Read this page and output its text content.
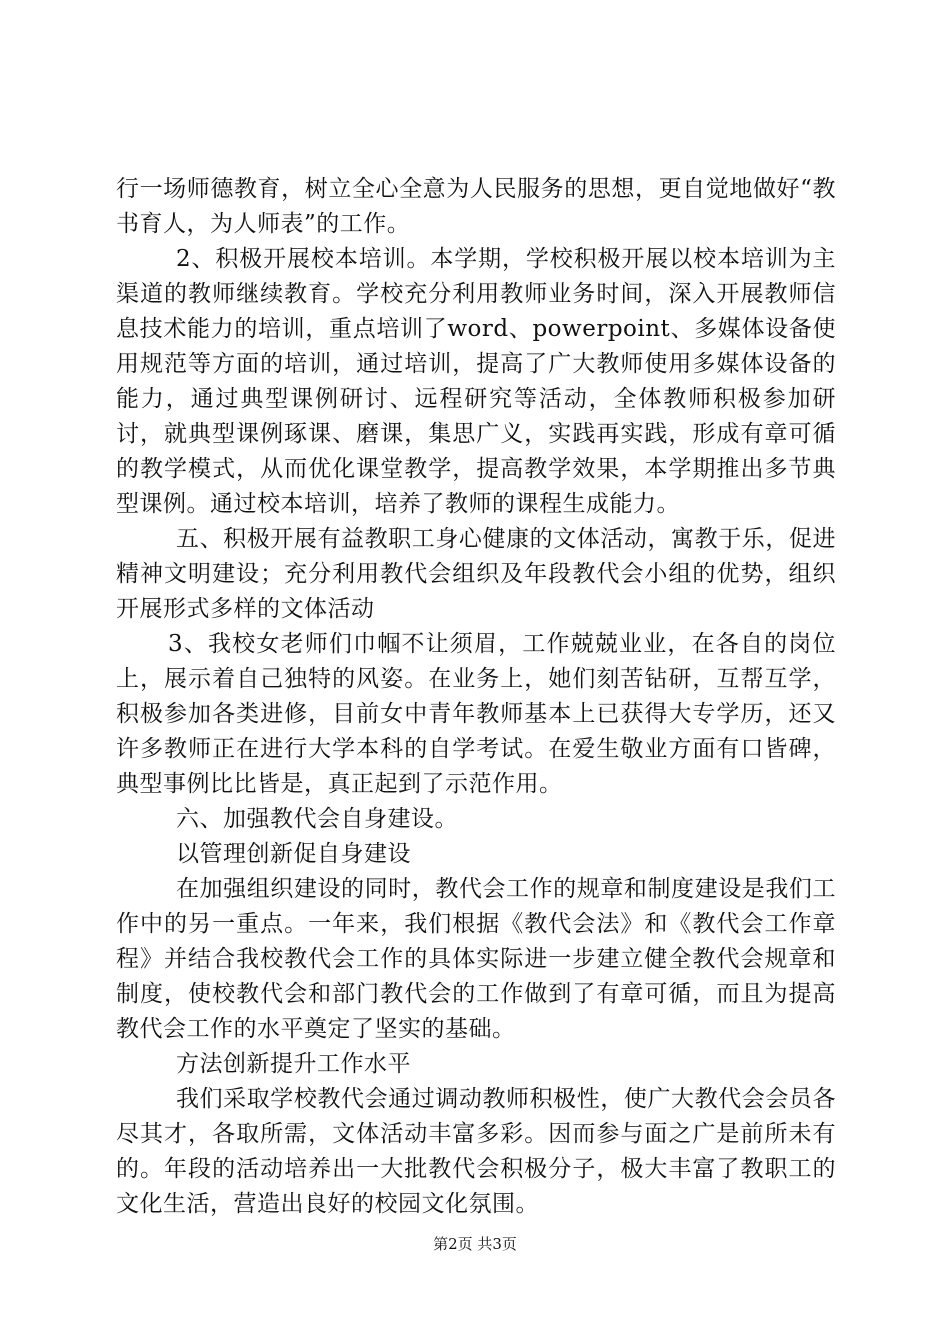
行一场师德教育，树立全心全意为人民服务的思想，更自觉地做好“教书育人，为人师表”的工作。

2、积极开展校本培训。本学期，学校积极开展以校本培训为主渠道的教师继续教育。学校充分利用教师业务时间，深入开展教师信息技术能力的培训，重点培训了word、powerpoint、多媒体设备使用规范等方面的培训，通过培训，提高了广大教师使用多媒体设备的能力，通过典型课例研讨、远程研究等活动，全体教师积极参加研讨，就典型课例琢课、磨课，集思广义，实践再实践，形成有章可循的教学模式，从而优化课堂教学，提高教学效果，本学期推出多节典型课例。通过校本培训，培养了教师的课程生成能力。

五、积极开展有益教职工身心健康的文体活动，寓教于乐，促进精神文明建设；充分利用教代会组织及年段教代会小组的优势，组织开展形式多样的文体活动

3、我校女老师们巾帼不让须眉，工作兢兢业业，在各自的岗位上，展示着自己独特的风姿。在业务上，她们刻苦钻研，互帮互学，积极参加各类进修，目前女中青年教师基本上已获得大专学历，还又许多教师正在进行大学本科的自学考试。在爱生敬业方面有口皆碑，典型事例比比皆是，真正起到了示范作用。

六、加强教代会自身建设。

以管理创新促自身建设

在加强组织建设的同时，教代会工作的规章和制度建设是我们工作中的另一重点。一年来，我们根据《教代会法》和《教代会工作章程》并结合我校教代会工作的具体实际进一步建立健全教代会规章和制度，使校教代会和部门教代会的工作做到了有章可循，而且为提高教代会工作的水平奠定了坚实的基础。

方法创新提升工作水平

我们采取学校教代会通过调动教师积极性，使广大教代会会员各尽其才，各取所需，文体活动丰富多彩。因而参与面之广是前所未有的。年段的活动培养出一大批教代会积极分子，极大丰富了教职工的文化生活，营造出良好的校园文化氛围。

第2页 共3页
